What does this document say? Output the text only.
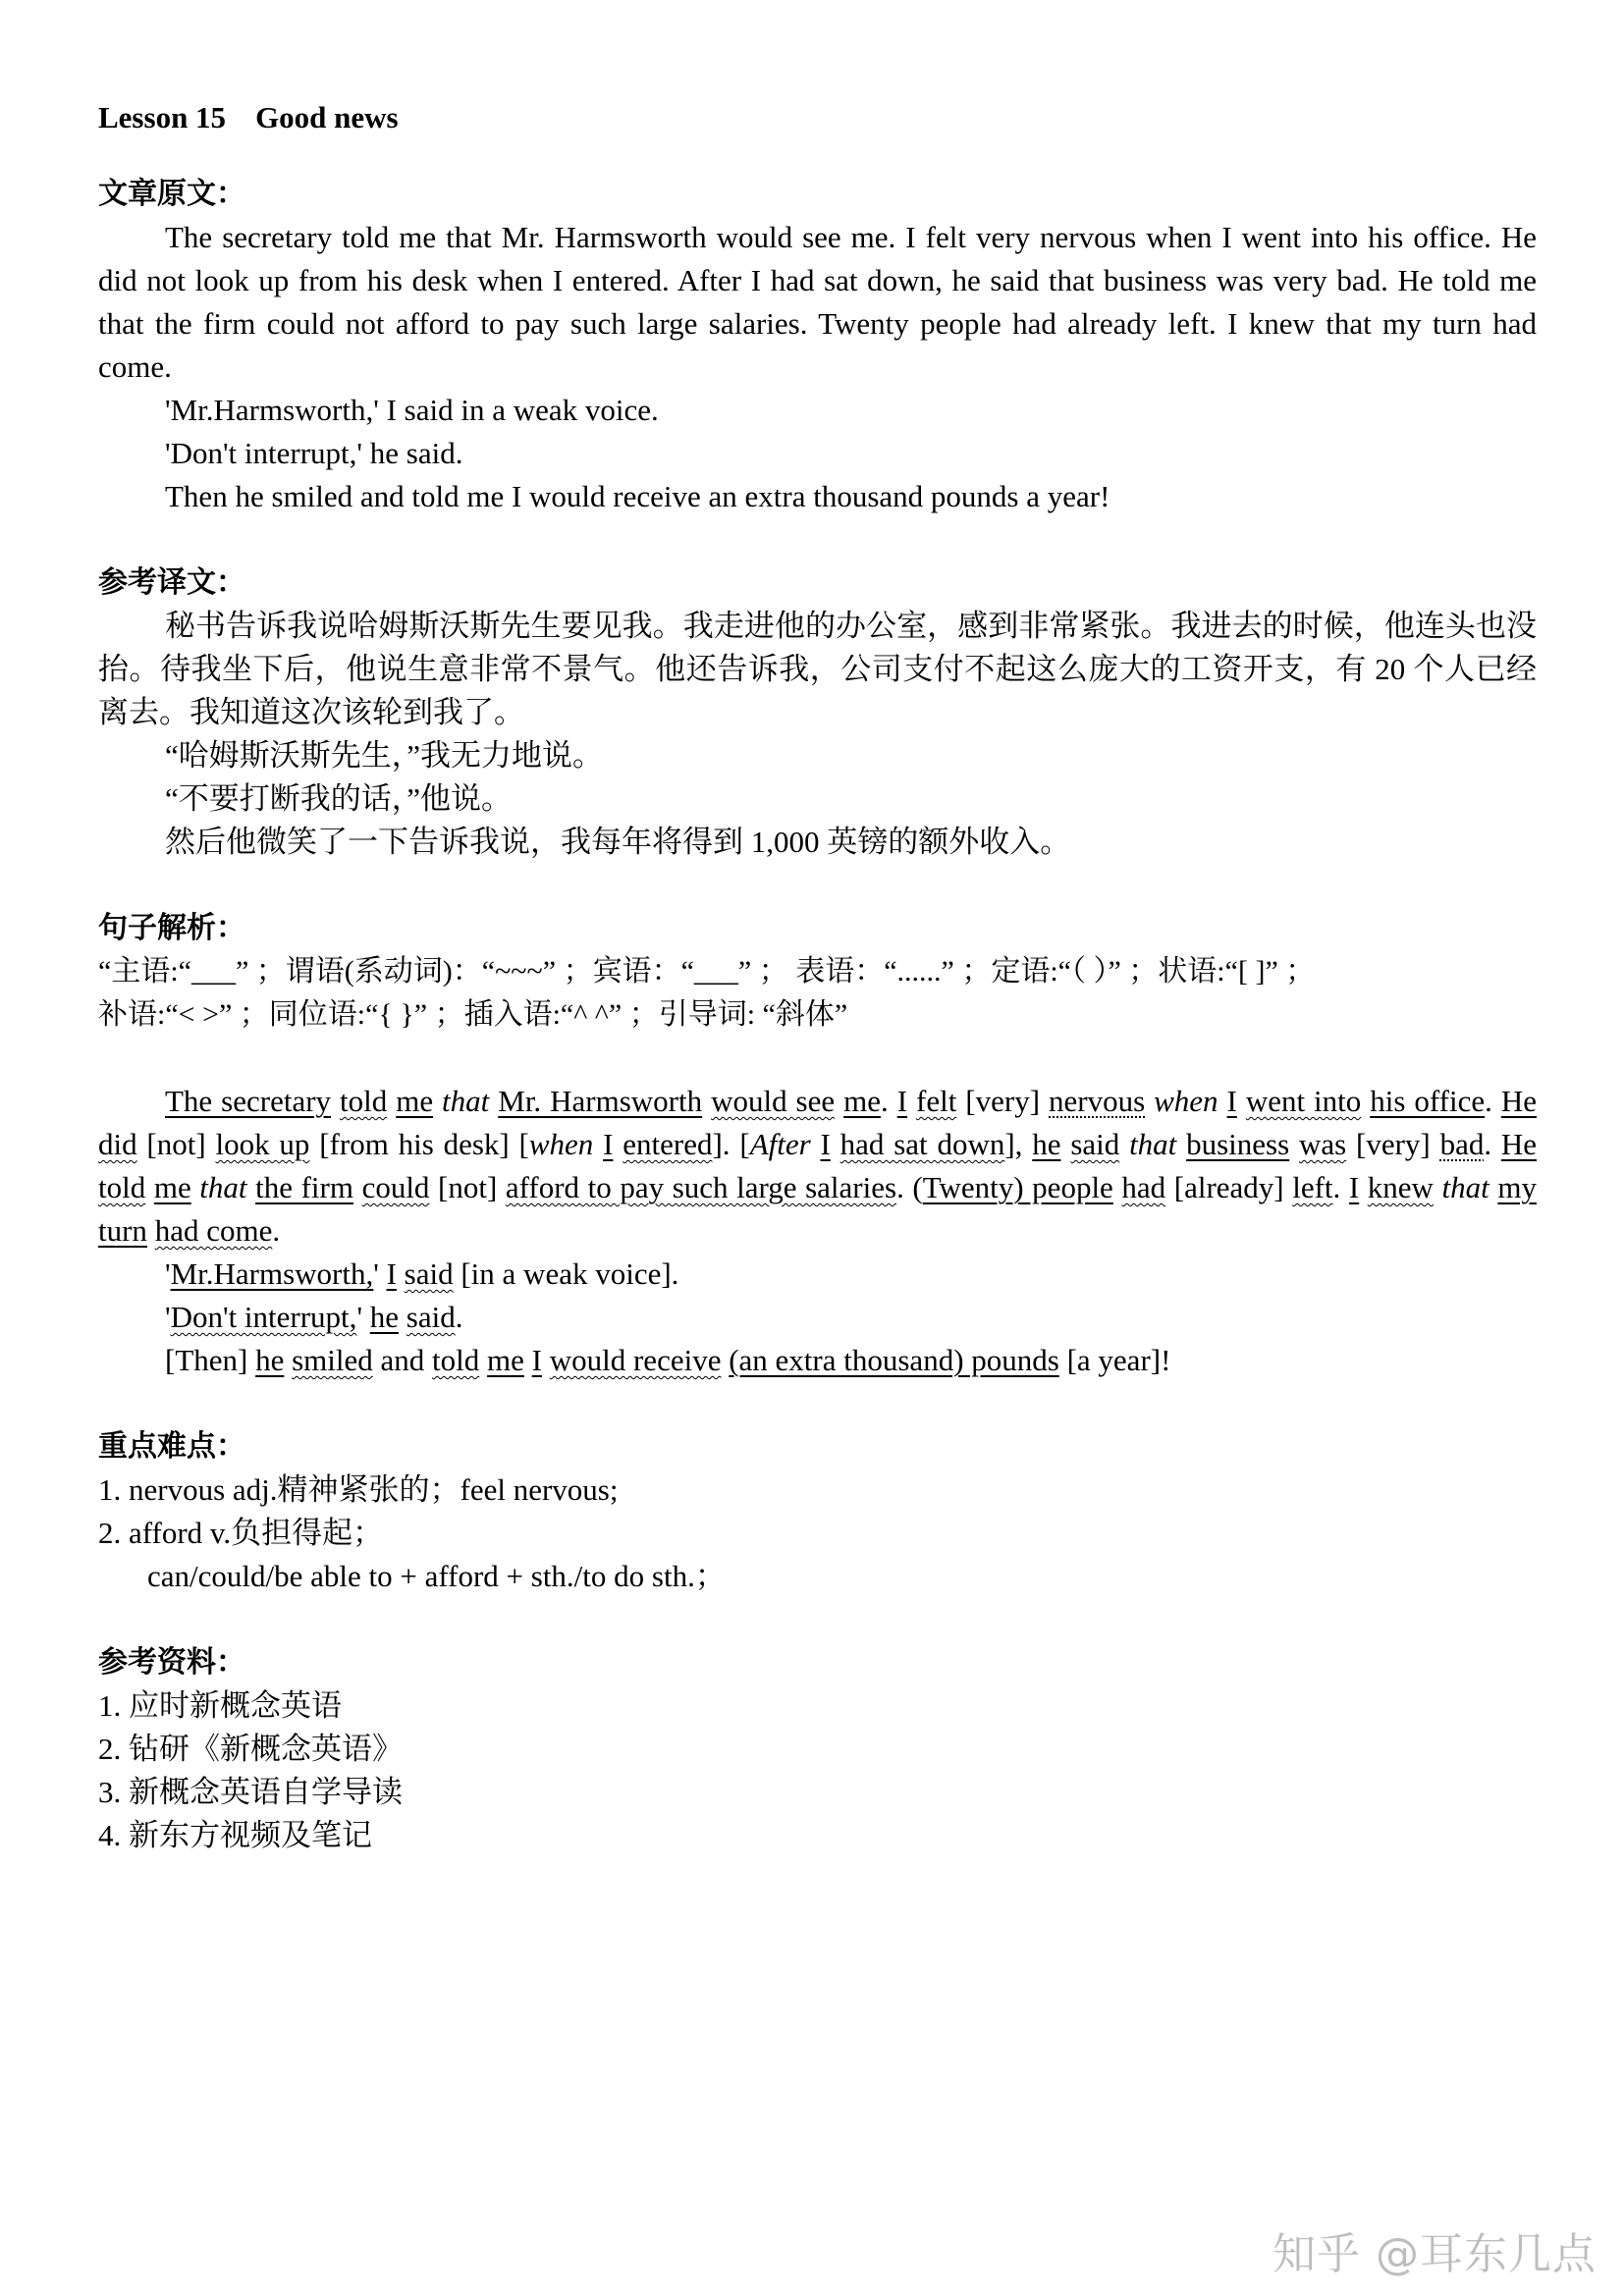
Lesson 15 Good news
文章原文：

The secretary told me that Mr. Harmsworth would see me. I felt very nervous when I went into his office. He did not look up from his desk when I entered. After I had sat down, he said that business was very bad. He told me that the firm could not afford to pay such large salaries. Twenty people had already left. I knew that my turn had come.

'Mr.Harmsworth,' I said in a weak voice.

'Don't interrupt,' he said.

Then he smiled and told me I would receive an extra thousand pounds a year!

参考译文：

秘书告诉我说哈姆斯沃斯先生要见我。我走进他的办公室，感到非常紧张。我进去的时候，他连头也没抬。待我坐下后，他说生意非常不景气。他还告诉我，公司支付不起这么庞大的工资开支，有 20 个人已经离去。我知道这次该轮到我了。

“哈姆斯沃斯先生，”我无力地说。

“不要打断我的话，”他说。

然后他微笑了一下告诉我说，我每年将得到 1,000 英镑的额外收入。

句子解析：

“主语:“___” ；谓语(系动词)：“~~~” ；宾语：“___” ； 表语：“......” ；定语:“（ ）” ；状语:“[ ]” ；

补语:“< >” ；同位语:“{ }” ；插入语:“^ ^” ；引导词: “斜体”

The secretary told me that Mr. Harmsworth would see me. I felt [very] nervous when I went into his office. He did [not] look up [from his desk] [when I entered]. [After I had sat down], he said that business was [very] bad. He told me that the firm could [not] afford to pay such large salaries. (Twenty) people had [already] left. I knew that my turn had come.

'Mr.Harmsworth,' I said [in a weak voice].

'Don't interrupt,' he said.

[Then] he smiled and told me I would receive (an extra thousand) pounds [a year]!

重点难点：

1. nervous adj.精神紧张的；feel nervous;

2. afford v.负担得起；

can/could/be able to + afford + sth./to do sth.；

参考资料：

1. 应时新概念英语

2. 钻研《新概念英语》

3. 新概念英语自学导读

4. 新东方视频及笔记

知乎 @耳东几点
